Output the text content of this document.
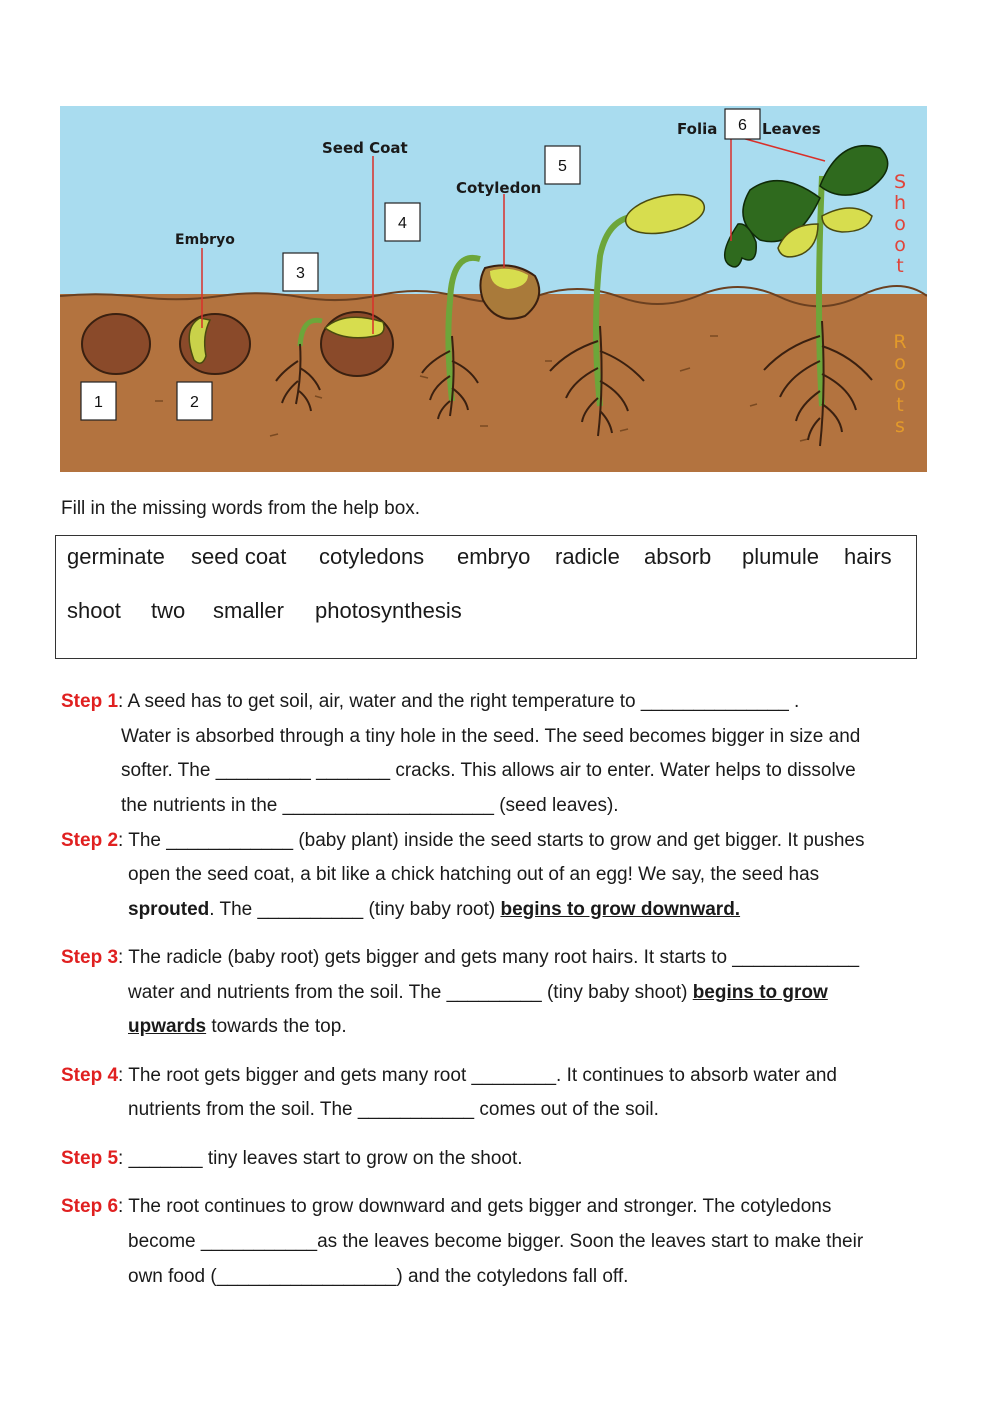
Seed Coat
Embryo
Cotyledon
Folia	Leaves
S
h
o
o
t
R
o
o
t
s
1	2
3
4
5
6
Fill in the missing words from the help box.
germinate seed coat cotyledons embryo radicle absorb plumule hairs
shoot two smaller photosynthesis
Step 1: A seed has to get soil, air, water and the right temperature to ______________ .
Water is absorbed through a tiny hole in the seed. The seed becomes bigger in size and
softer. The _________ _______ cracks. This allows air to enter. Water helps to dissolve
the nutrients in the ____________________ (seed leaves).
Step 2: The ____________ (baby plant) inside the seed starts to grow and get bigger. It pushes
open the seed coat, a bit like a chick hatching out of an egg! We say, the seed has
sprouted. The __________ (tiny baby root) begins to grow downward.
Step 3: The radicle (baby root) gets bigger and gets many root hairs. It starts to ____________
water and nutrients from the soil. The _________ (tiny baby shoot) begins to grow
upwards towards the top.
Step 4: The root gets bigger and gets many root ________. It continues to absorb water and
nutrients from the soil. The ___________ comes out of the soil.
Step 5: _______ tiny leaves start to grow on the shoot.
Step 6: The root continues to grow downward and gets bigger and stronger. The cotyledons
become ___________as the leaves become bigger. Soon the leaves start to make their
own food (_________________) and the cotyledons fall off.
